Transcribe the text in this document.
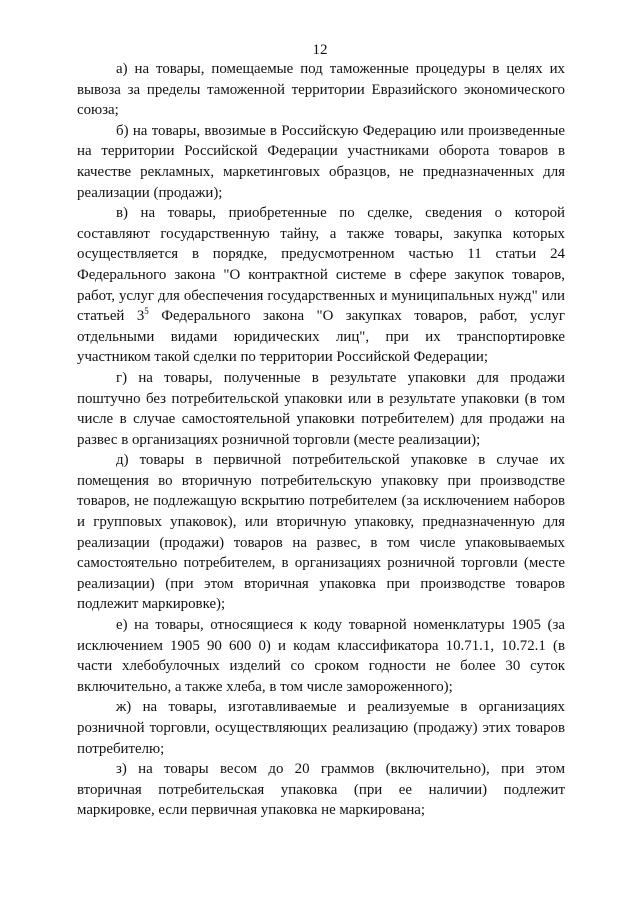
12

а) на товары, помещаемые под таможенные процедуры в целях их вывоза за пределы таможенной территории Евразийского экономического союза;

б) на товары, ввозимые в Российскую Федерацию или произведенные на территории Российской Федерации участниками оборота товаров в качестве рекламных, маркетинговых образцов, не предназначенных для реализации (продажи);

в) на товары, приобретенные по сделке, сведения о которой составляют государственную тайну, а также товары, закупка которых осуществляется в порядке, предусмотренном частью 11 статьи 24 Федерального закона "О контрактной системе в сфере закупок товаров, работ, услуг для обеспечения государственных и муниципальных нужд" или статьей $3^5$ Федерального закона "О закупках товаров, работ, услуг отдельными видами юридических лиц", при их транспортировке участником такой сделки по территории Российской Федерации;

г) на товары, полученные в результате упаковки для продажи поштучно без потребительской упаковки или в результате упаковки (в том числе в случае самостоятельной упаковки потребителем) для продажи на развес в организациях розничной торговли (месте реализации);

д) товары в первичной потребительской упаковке в случае их помещения во вторичную потребительскую упаковку при производстве товаров, не подлежащую вскрытию потребителем (за исключением наборов и групповых упаковок), или вторичную упаковку, предназначенную для реализации (продажи) товаров на развес, в том числе упаковываемых самостоятельно потребителем, в организациях розничной торговли (месте реализации) (при этом вторичная упаковка при производстве товаров подлежит маркировке);

е) на товары, относящиеся к коду товарной номенклатуры 1905 (за исключением 1905 90 600 0) и кодам классификатора 10.71.1, 10.72.1 (в части хлебобулочных изделий со сроком годности не более 30 суток включительно, а также хлеба, в том числе замороженного);

ж) на товары, изготавливаемые и реализуемые в организациях розничной торговли, осуществляющих реализацию (продажу) этих товаров потребителю;

з) на товары весом до 20 граммов (включительно), при этом вторичная потребительская упаковка (при ее наличии) подлежит маркировке, если первичная упаковка не маркирована;
